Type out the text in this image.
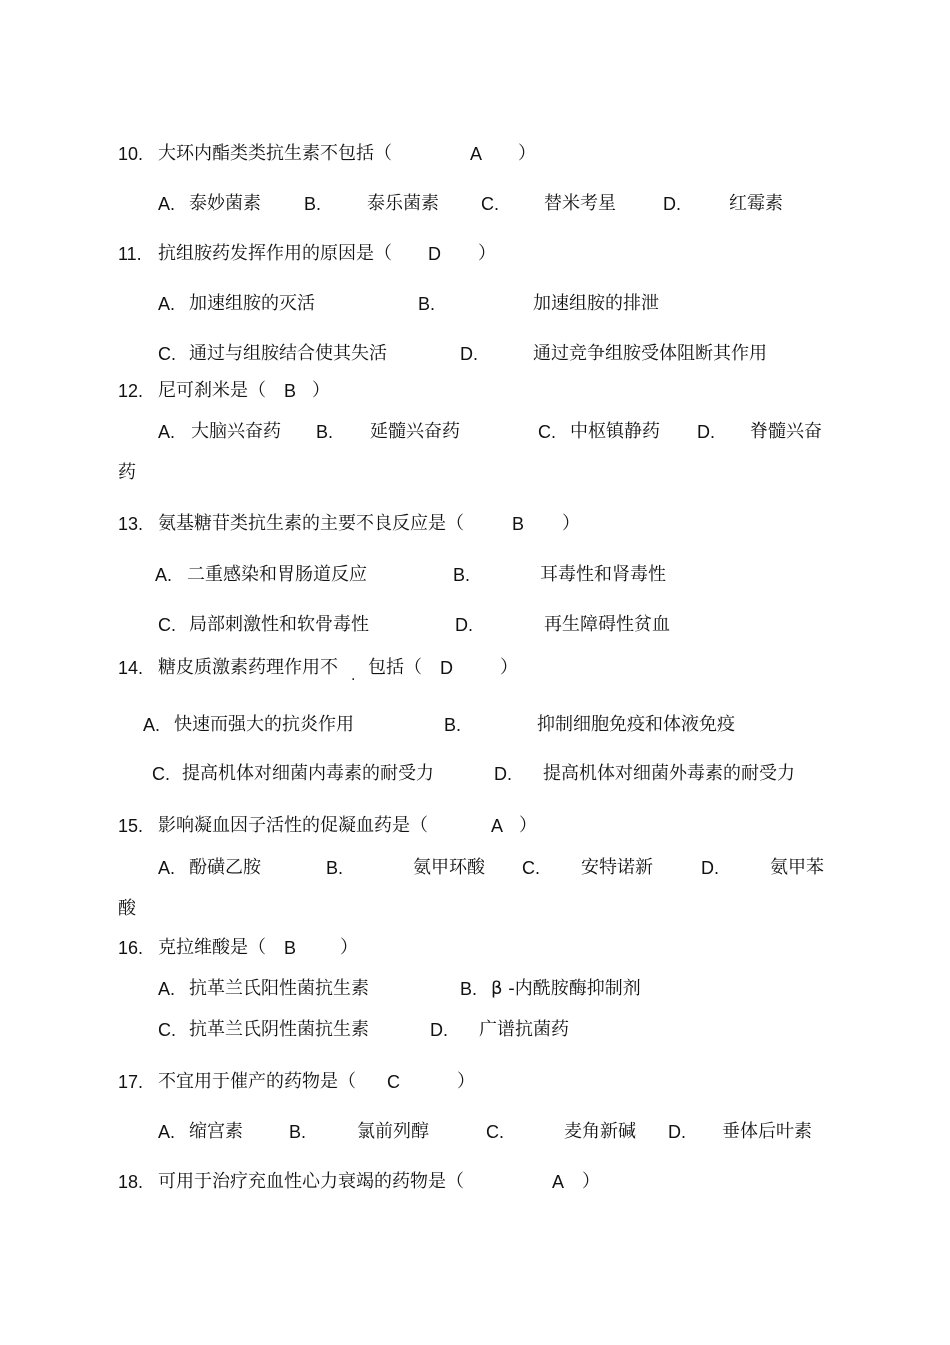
10. 大环内酯类类抗生素不包括（	A ）
A. 泰妙菌素 B.	泰乐菌素 C.	替米考星	D.	红霉素
11. 抗组胺药发挥作用的原因是（ D ）
A. 加速组胺的灭活	B.	加速组胺的排泄
C. 通过与组胺结合使其失活	D.	通过竞争组胺受体阻断其作用
12. 尼可刹米是（ B ）
A. 大脑兴奋药 B. 延髓兴奋药	C. 中枢镇静药 D. 脊髓兴奋
药
13. 氨基糖苷类抗生素的主要不良反应是（	B ）
A. 二重感染和胃肠道反应	B.	耳毒性和肾毒性
C. 局部刺激性和软骨毒性	D.	再生障碍性贫血
14. 糖皮质激素药理作用不 . 包括（ D	）
A. 快速而强大的抗炎作用	B.	抑制细胞免疫和体液免疫
C. 提高机体对细菌内毒素的耐受力	D. 提高机体对细菌外毒素的耐受力
15. 影响凝血因子活性的促凝血药是（	A ）
A. 酚磺乙胺	B.	氨甲环酸 C. 安特诺新	D.	氨甲苯
酸
16. 克拉维酸是（ B ）
A. 抗革兰氏阳性菌抗生素	B. β -内酰胺酶抑制剂
C. 抗革兰氏阴性菌抗生素	D. 广谱抗菌药
17. 不宜用于催产的药物是（ C	）
A. 缩宫素	B.	氯前列醇	C.	麦角新碱 D. 垂体后叶素
18. 可用于治疗充血性心力衰竭的药物是（	A ）
